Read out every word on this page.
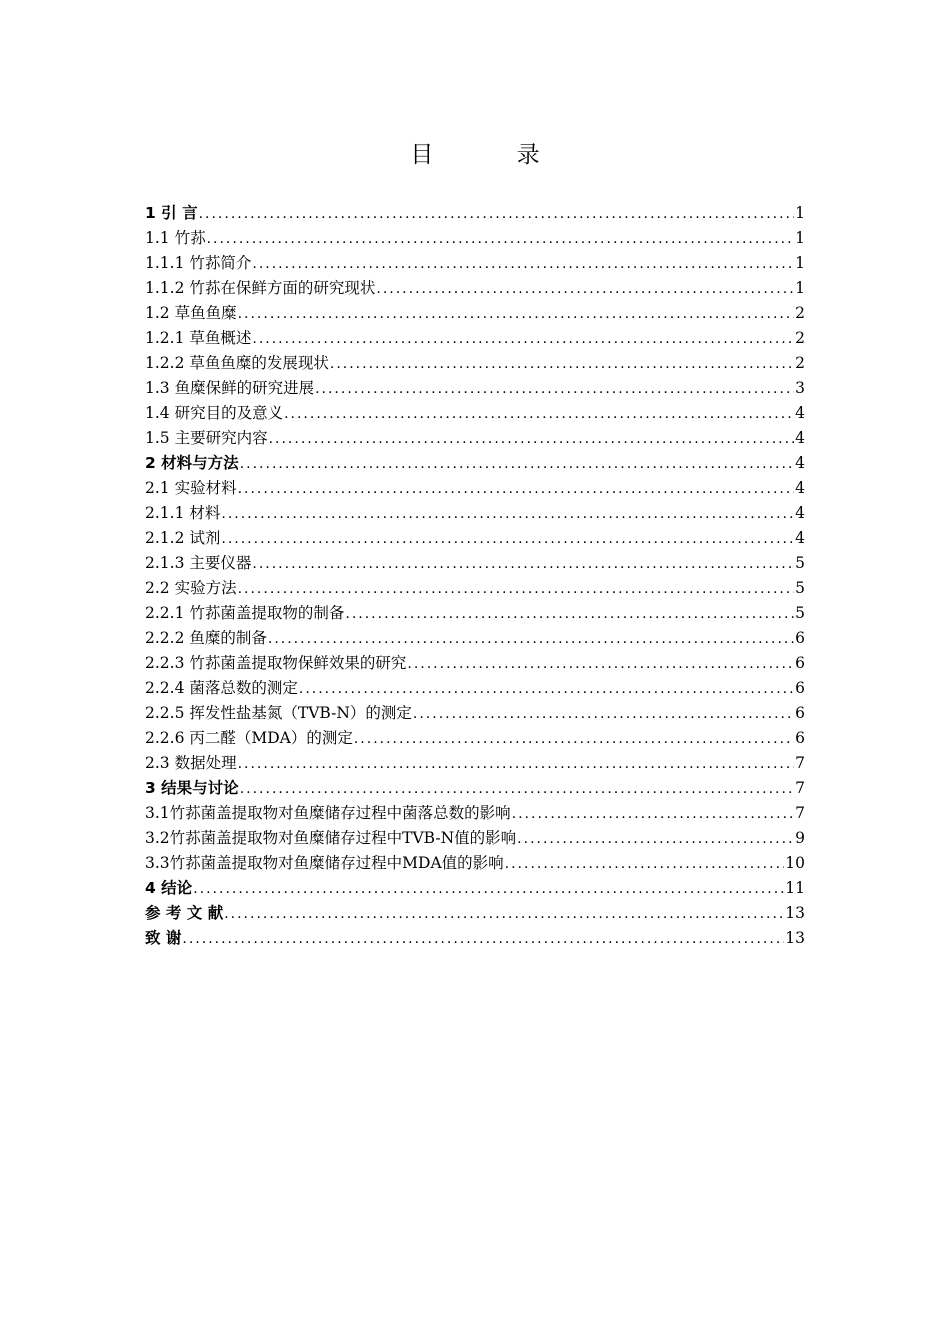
目 录
1 引 言 .....	1
1.1 竹荪 .....	1
1.1.1 竹荪简介 .....	1
1.1.2 竹荪在保鲜方面的研究现状 .....	1
1.2 草鱼鱼糜 .....	2
1.2.1 草鱼概述 .....	2
1.2.2 草鱼鱼糜的发展现状 .....	2
1.3 鱼糜保鲜的研究进展 .....	3
1.4 研究目的及意义 .....	4
1.5 主要研究内容 .....	4
2 材料与方法 .....	4
2.1 实验材料 .....	4
2.1.1 材料 .....	4
2.1.2 试剂 .....	4
2.1.3 主要仪器 .....	5
2.2 实验方法 .....	5
2.2.1 竹荪菌盖提取物的制备 .....	5
2.2.2 鱼糜的制备 .....	6
2.2.3 竹荪菌盖提取物保鲜效果的研究 .....	6
2.2.4 菌落总数的测定 .....	6
2.2.5 挥发性盐基氮（TVB-N）的测定 .....	6
2.2.6 丙二醛（MDA）的测定 .....	6
2.3 数据处理 .....	7
3 结果与讨论 .....	7
3.1竹荪菌盖提取物对鱼糜储存过程中菌落总数的影响 .....	7
3.2竹荪菌盖提取物对鱼糜储存过程中TVB-N值的影响 .....	9
3.3竹荪菌盖提取物对鱼糜储存过程中MDA值的影响 .....	10
4 结论 .....	11
参 考 文 献 .....	13
致 谢 .....	13
